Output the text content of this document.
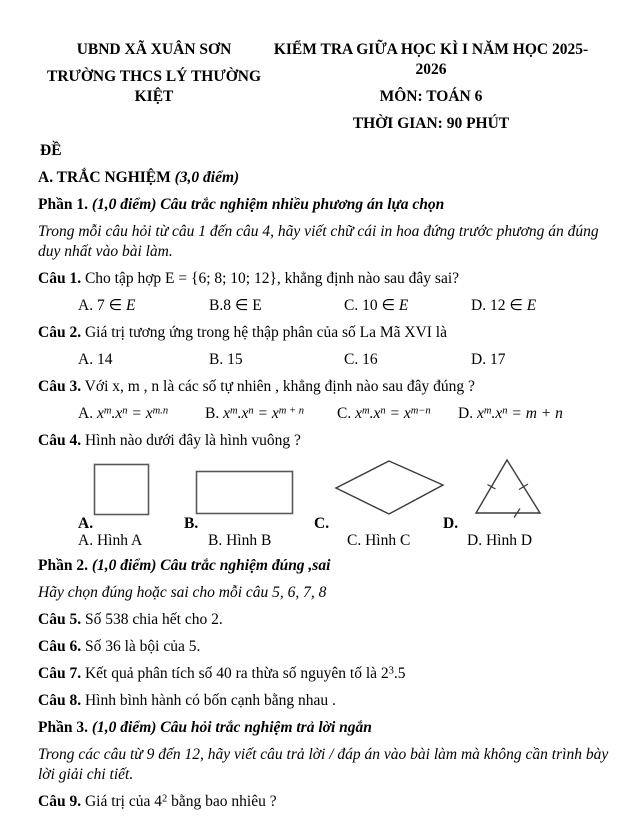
UBND XÃ XUÂN SƠN

TRƯỜNG THCS LÝ THƯỜNG KIỆT

KIỂM TRA GIỮA HỌC KÌ I NĂM HỌC 2025-2026

MÔN: TOÁN 6

THỜI GIAN: 90 PHÚT

ĐỀ

A. TRẮC NGHIỆM (3,0 điểm)

Phần 1. (1,0 điểm) Câu trắc nghiệm nhiều phương án lựa chọn

Trong mỗi câu hỏi từ câu 1 đến câu 4, hãy viết chữ cái in hoa đứng trước phương án đúng duy nhất vào bài làm.

Câu 1. Cho tập hợp E = {6; 8; 10; 12}, khẳng định nào sau đây sai?

A. 7 ∈ E	B.8 ∈ E	C. 10 ∈ E	D. 12 ∈ E

Câu 2. Giá trị tương ứng trong hệ thập phân của số La Mã XVI là

A. 14	B. 15	C. 16	D. 17

Câu 3. Với x, m , n là các số tự nhiên , khẳng định nào sau đây đúng ?

A. $x^m.x^n = x^{m.n}$	B. $x^m.x^n = x^{m + n}$	C. $x^m.x^n = x^{m-n}$	D. $x^m.x^n = m + n$

Câu 4. Hình nào dưới đây là hình vuông ?

A.	B.	C.	D.
A. Hình A	B. Hình B	C. Hình C	D. Hình D

Phần 2. (1,0 điểm) Câu trắc nghiệm đúng ,sai

Hãy chọn đúng hoặc sai cho mỗi câu 5, 6, 7, 8

Câu 5. Số 538 chia hết cho 2.

Câu 6. Số 36 là bội của 5.

Câu 7. Kết quả phân tích số 40 ra thừa số nguyên tố là $2^3.5$

Câu 8. Hình bình hành có bốn cạnh bằng nhau .

Phần 3. (1,0 điểm) Câu hỏi trắc nghiệm trả lời ngắn

Trong các câu từ 9 đến 12, hãy viết câu trả lời / đáp án vào bài làm mà không cần trình bày lời giải chi tiết.

Câu 9. Giá trị của $4^2$ bằng bao nhiêu ?
